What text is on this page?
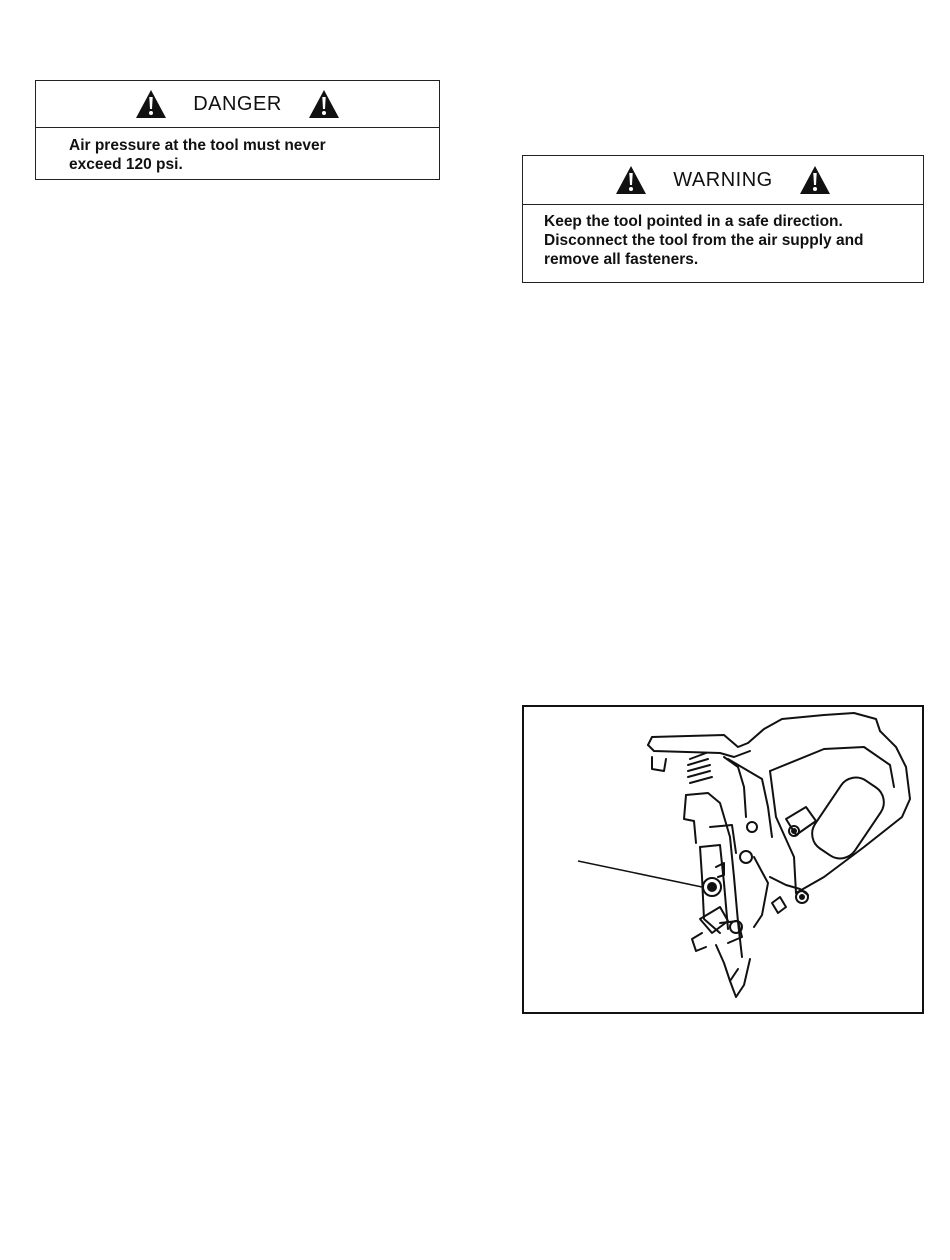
DANGER
Air pressure at the tool must never
exceed 120 psi.
WARNING
Keep the tool pointed in a safe direction.
Disconnect the tool from the air supply and
remove all fasteners.
